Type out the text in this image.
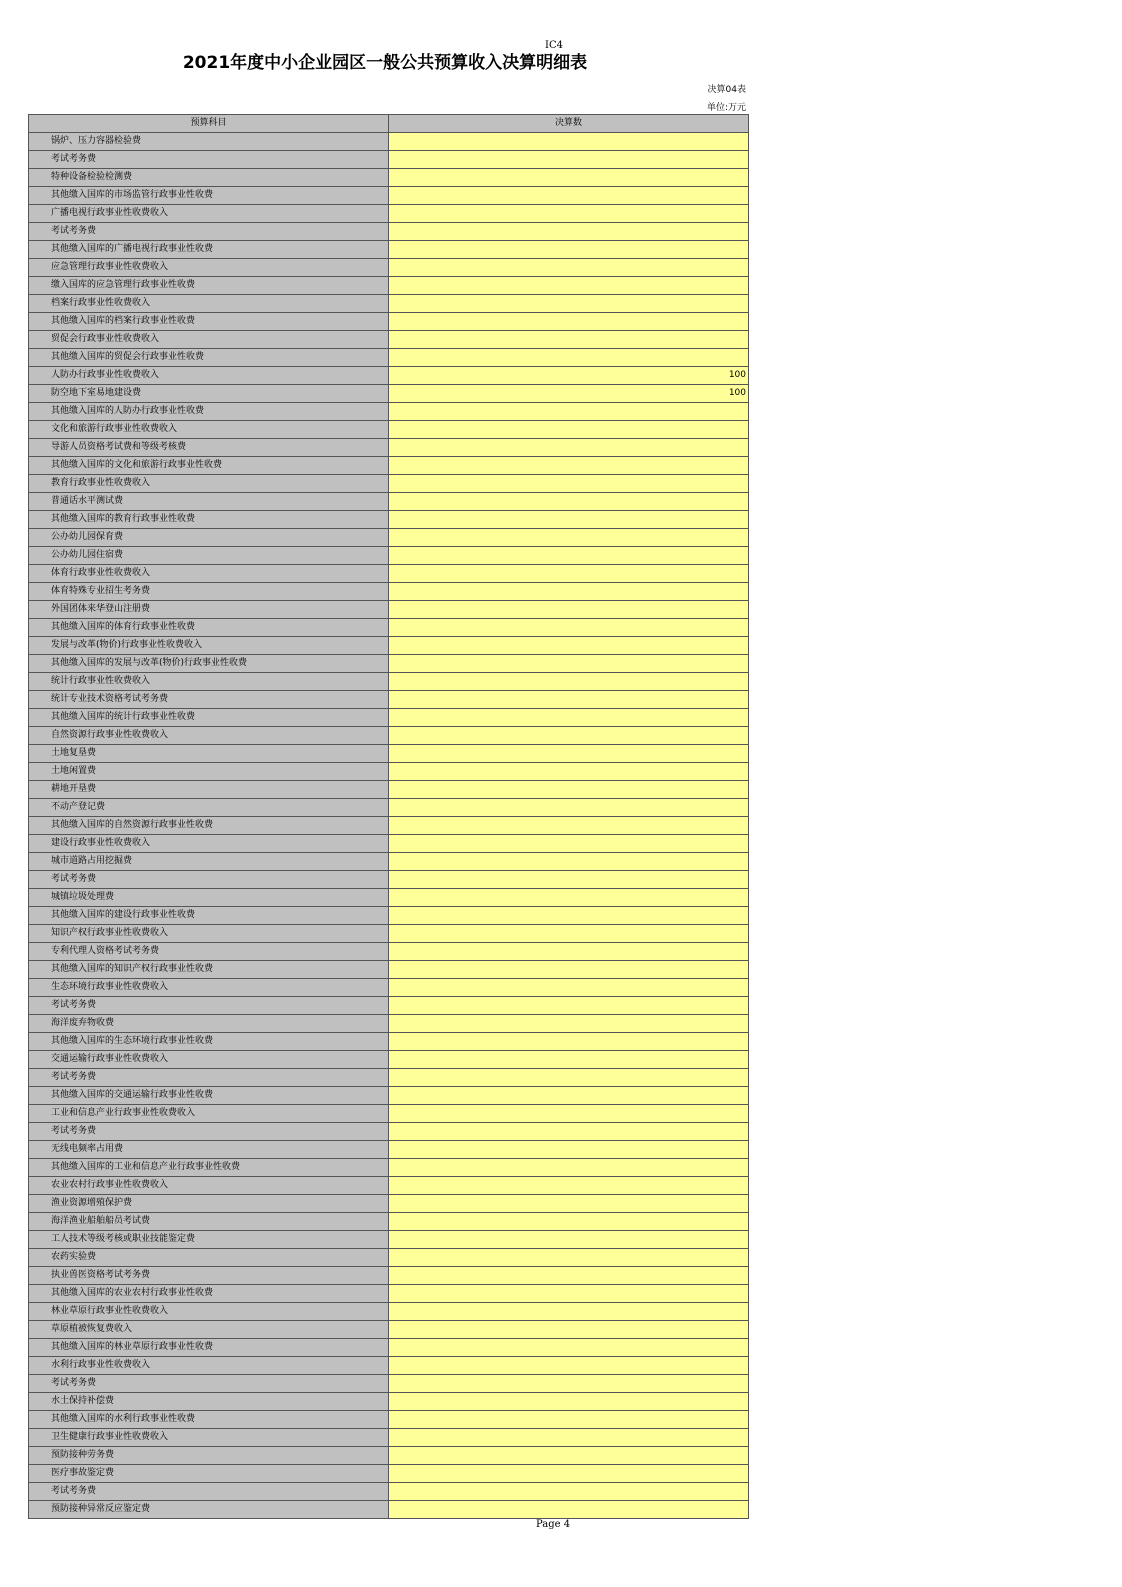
IC4
2021年度中小企业园区一般公共预算收入决算明细表
决算04表
单位:万元
预算科目	决算数
锅炉、压力容器检验费	
考试考务费	
特种设备检验检测费	
其他缴入国库的市场监管行政事业性收费	
广播电视行政事业性收费收入	
考试考务费	
其他缴入国库的广播电视行政事业性收费	
应急管理行政事业性收费收入	
缴入国库的应急管理行政事业性收费	
档案行政事业性收费收入	
其他缴入国库的档案行政事业性收费	
贸促会行政事业性收费收入	
其他缴入国库的贸促会行政事业性收费	
人防办行政事业性收费收入	100
防空地下室易地建设费	100
其他缴入国库的人防办行政事业性收费	
文化和旅游行政事业性收费收入	
导游人员资格考试费和等级考核费	
其他缴入国库的文化和旅游行政事业性收费	
教育行政事业性收费收入	
普通话水平测试费	
其他缴入国库的教育行政事业性收费	
公办幼儿园保育费	
公办幼儿园住宿费	
体育行政事业性收费收入	
体育特殊专业招生考务费	
外国团体来华登山注册费	
其他缴入国库的体育行政事业性收费	
发展与改革(物价)行政事业性收费收入	
其他缴入国库的发展与改革(物价)行政事业性收费	
统计行政事业性收费收入	
统计专业技术资格考试考务费	
其他缴入国库的统计行政事业性收费	
自然资源行政事业性收费收入	
土地复垦费	
土地闲置费	
耕地开垦费	
不动产登记费	
其他缴入国库的自然资源行政事业性收费	
建设行政事业性收费收入	
城市道路占用挖掘费	
考试考务费	
城镇垃圾处理费	
其他缴入国库的建设行政事业性收费	
知识产权行政事业性收费收入	
专利代理人资格考试考务费	
其他缴入国库的知识产权行政事业性收费	
生态环境行政事业性收费收入	
考试考务费	
海洋废弃物收费	
其他缴入国库的生态环境行政事业性收费	
交通运输行政事业性收费收入	
考试考务费	
其他缴入国库的交通运输行政事业性收费	
工业和信息产业行政事业性收费收入	
考试考务费	
无线电频率占用费	
其他缴入国库的工业和信息产业行政事业性收费	
农业农村行政事业性收费收入	
渔业资源增殖保护费	
海洋渔业船舶船员考试费	
工人技术等级考核或职业技能鉴定费	
农药实验费	
执业兽医资格考试考务费	
其他缴入国库的农业农村行政事业性收费	
林业草原行政事业性收费收入	
草原植被恢复费收入	
其他缴入国库的林业草原行政事业性收费	
水利行政事业性收费收入	
考试考务费	
水土保持补偿费	
其他缴入国库的水利行政事业性收费	
卫生健康行政事业性收费收入	
预防接种劳务费	
医疗事故鉴定费	
考试考务费	
预防接种异常反应鉴定费	
Page 4
